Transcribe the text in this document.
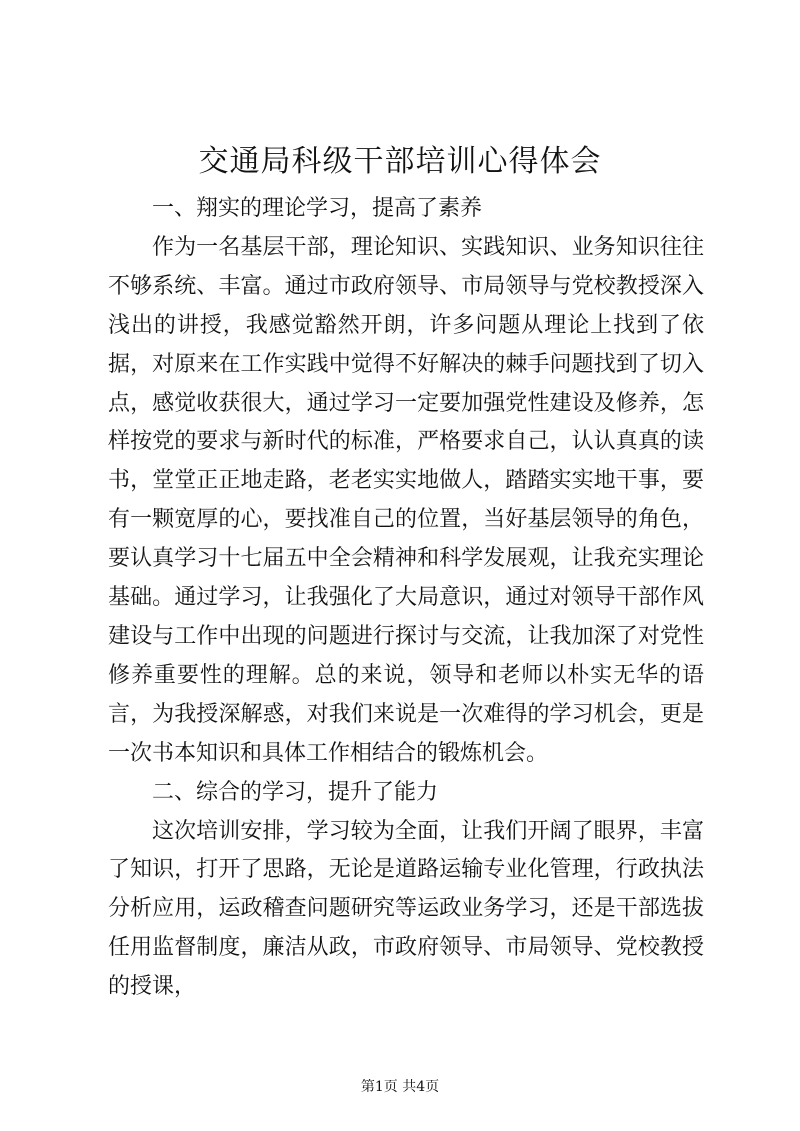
交通局科级干部培训心得体会

一、翔实的理论学习，提高了素养

作为一名基层干部，理论知识、实践知识、业务知识往往不够系统、丰富。通过市政府领导、市局领导与党校教授深入浅出的讲授，我感觉豁然开朗，许多问题从理论上找到了依据，对原来在工作实践中觉得不好解决的棘手问题找到了切入点，感觉收获很大，通过学习一定要加强党性建设及修养，怎样按党的要求与新时代的标准，严格要求自己，认认真真的读书，堂堂正正地走路，老老实实地做人，踏踏实实地干事，要有一颗宽厚的心，要找准自己的位置，当好基层领导的角色，要认真学习十七届五中全会精神和科学发展观，让我充实理论基础。通过学习，让我强化了大局意识，通过对领导干部作风建设与工作中出现的问题进行探讨与交流，让我加深了对党性修养重要性的理解。总的来说，领导和老师以朴实无华的语言，为我授深解惑，对我们来说是一次难得的学习机会，更是一次书本知识和具体工作相结合的锻炼机会。

二、综合的学习，提升了能力

这次培训安排，学习较为全面，让我们开阔了眼界，丰富了知识，打开了思路，无论是道路运输专业化管理，行政执法分析应用，运政稽查问题研究等运政业务学习，还是干部选拔任用监督制度，廉洁从政，市政府领导、市局领导、党校教授的授课，

第1页 共4页
